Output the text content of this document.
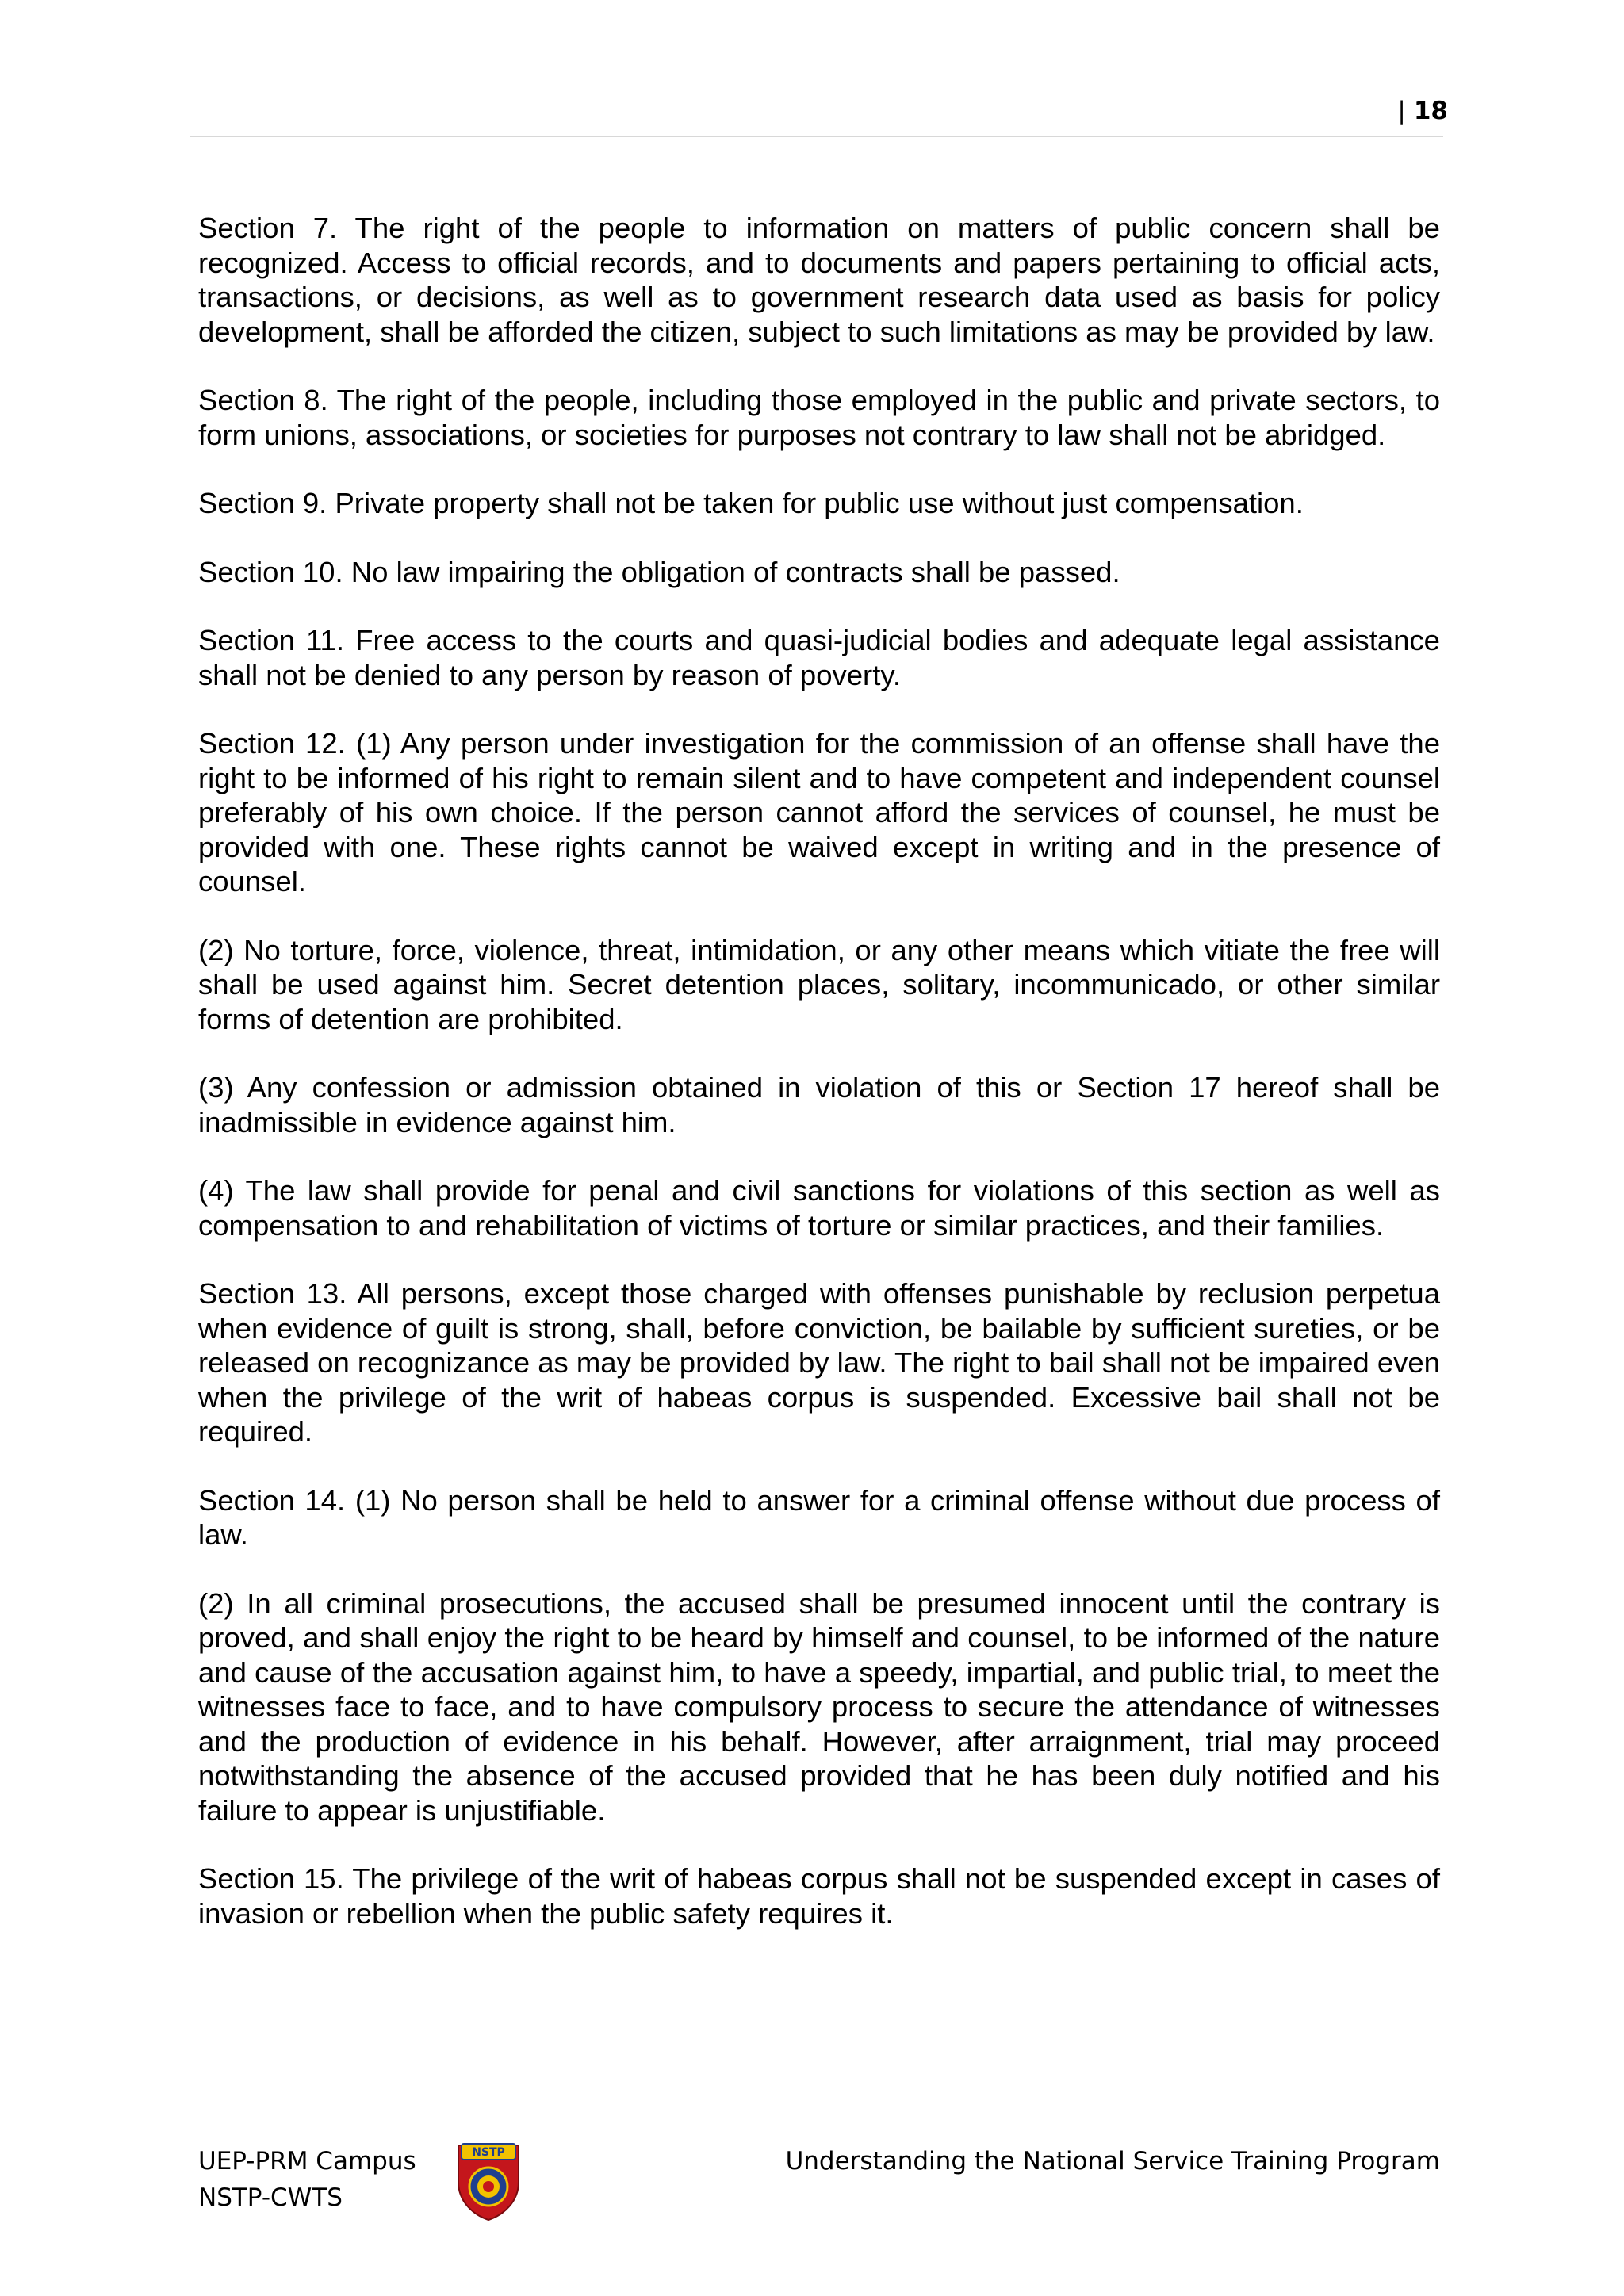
| 18

Section 7. The right of the people to information on matters of public concern shall be recognized. Access to official records, and to documents and papers pertaining to official acts, transactions, or decisions, as well as to government research data used as basis for policy development, shall be afforded the citizen, subject to such limitations as may be provided by law.

Section 8. The right of the people, including those employed in the public and private sectors, to form unions, associations, or societies for purposes not contrary to law shall not be abridged.

Section 9. Private property shall not be taken for public use without just compensation.

Section 10. No law impairing the obligation of contracts shall be passed.

Section 11. Free access to the courts and quasi-judicial bodies and adequate legal assistance shall not be denied to any person by reason of poverty.

Section 12. (1) Any person under investigation for the commission of an offense shall have the right to be informed of his right to remain silent and to have competent and independent counsel preferably of his own choice. If the person cannot afford the services of counsel, he must be provided with one. These rights cannot be waived except in writing and in the presence of counsel.

(2) No torture, force, violence, threat, intimidation, or any other means which vitiate the free will shall be used against him. Secret detention places, solitary, incommunicado, or other similar forms of detention are prohibited.

(3) Any confession or admission obtained in violation of this or Section 17 hereof shall be inadmissible in evidence against him.

(4) The law shall provide for penal and civil sanctions for violations of this section as well as compensation to and rehabilitation of victims of torture or similar practices, and their families.

Section 13. All persons, except those charged with offenses punishable by reclusion perpetua when evidence of guilt is strong, shall, before conviction, be bailable by sufficient sureties, or be released on recognizance as may be provided by law. The right to bail shall not be impaired even when the privilege of the writ of habeas corpus is suspended. Excessive bail shall not be required.

Section 14. (1) No person shall be held to answer for a criminal offense without due process of law.

(2) In all criminal prosecutions, the accused shall be presumed innocent until the contrary is proved, and shall enjoy the right to be heard by himself and counsel, to be informed of the nature and cause of the accusation against him, to have a speedy, impartial, and public trial, to meet the witnesses face to face, and to have compulsory process to secure the attendance of witnesses and the production of evidence in his behalf. However, after arraignment, trial may proceed notwithstanding the absence of the accused provided that he has been duly notified and his failure to appear is unjustifiable.

Section 15. The privilege of the writ of habeas corpus shall not be suspended except in cases of invasion or rebellion when the public safety requires it.

UEP-PRM Campus
NSTP-CWTS
NSTP	Understanding the National Service Training Program
